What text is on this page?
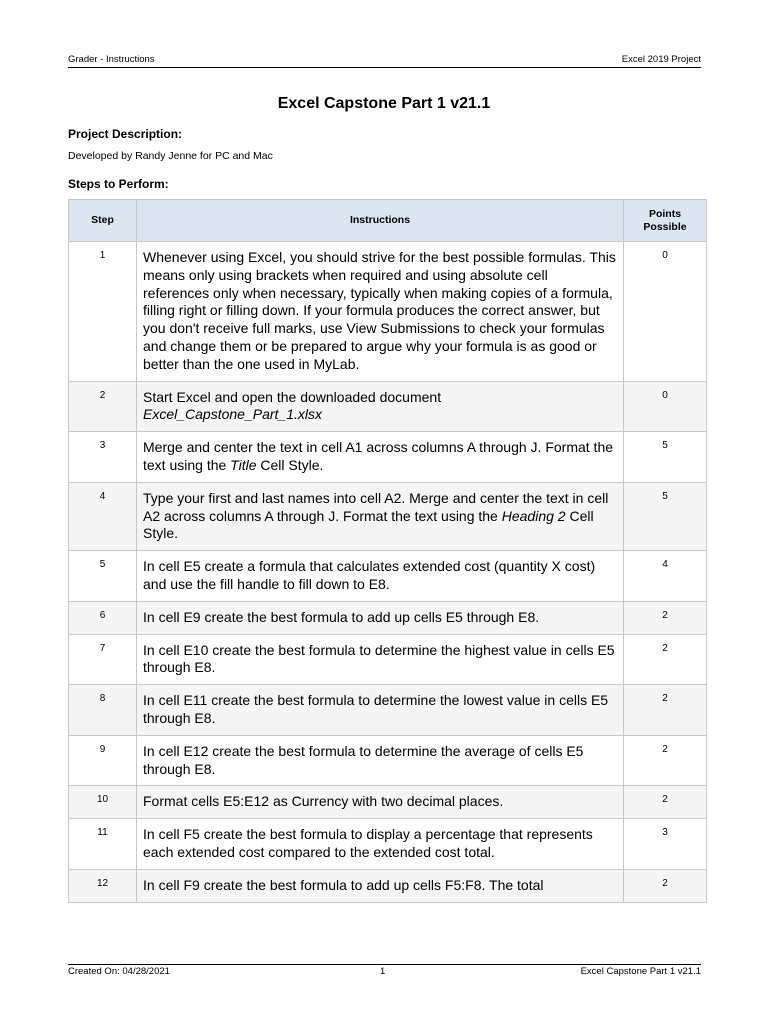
Grader - Instructions	Excel 2019 Project
Excel Capstone Part 1 v21.1
Project Description:
Developed by Randy Jenne for PC and Mac
Steps to Perform:
Step	Instructions	Points Possible
1	Whenever using Excel, you should strive for the best possible formulas. This means only using brackets when required and using absolute cell references only when necessary, typically when making copies of a formula, filling right or filling down. If your formula produces the correct answer, but you don't receive full marks, use View Submissions to check your formulas and change them or be prepared to argue why your formula is as good or better than the one used in MyLab.	0
2	Start Excel and open the downloaded document Excel_Capstone_Part_1.xlsx	0
3	Merge and center the text in cell A1 across columns A through J. Format the text using the Title Cell Style.	5
4	Type your first and last names into cell A2. Merge and center the text in cell A2 across columns A through J. Format the text using the Heading 2 Cell Style.	5
5	In cell E5 create a formula that calculates extended cost (quantity X cost) and use the fill handle to fill down to E8.	4
6	In cell E9 create the best formula to add up cells E5 through E8.	2
7	In cell E10 create the best formula to determine the highest value in cells E5 through E8.	2
8	In cell E11 create the best formula to determine the lowest value in cells E5 through E8.	2
9	In cell E12 create the best formula to determine the average of cells E5 through E8.	2
10	Format cells E5:E12 as Currency with two decimal places.	2
11	In cell F5 create the best formula to display a percentage that represents each extended cost compared to the extended cost total.	3
12	In cell F9 create the best formula to add up cells F5:F8. The total	2
Created On: 04/28/2021	1	Excel Capstone Part 1 v21.1
